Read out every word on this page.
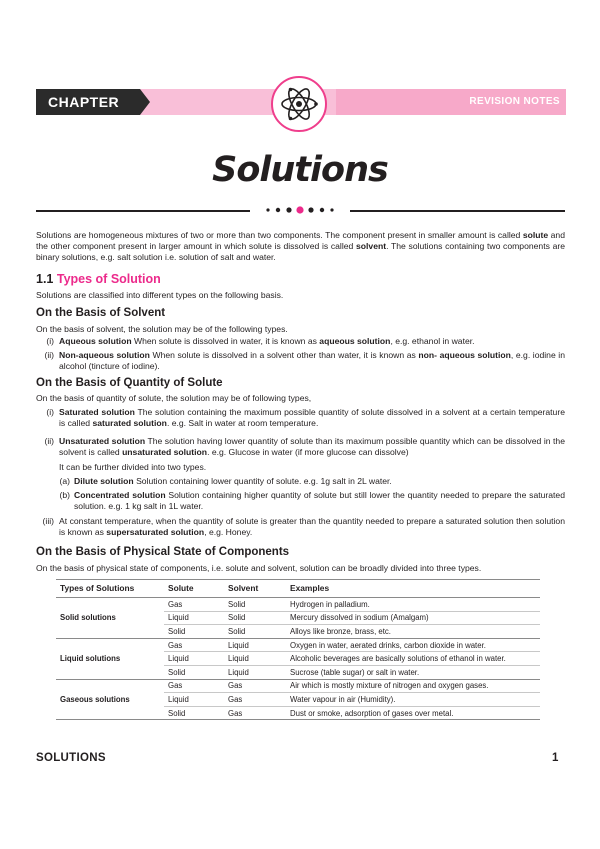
CHAPTER 01
REVISION NOTES
Solutions
Solutions are homogeneous mixtures of two or more than two components. The component present in smaller amount is called solute and the other component present in larger amount in which solute is dissolved is called solvent. The solutions containing two components are binary solutions, e.g. salt solution i.e. solution of salt and water.
1.1 Types of Solution
Solutions are classified into different types on the following basis.
On the Basis of Solvent
On the basis of solvent, the solution may be of the following types.
(i) Aqueous solution When solute is dissolved in water, it is known as aqueous solution, e.g. ethanol in water.
(ii) Non-aqueous solution When solute is dissolved in a solvent other than water, it is known as non- aqueous solution, e.g. iodine in alcohol (tincture of iodine).
On the Basis of Quantity of Solute
On the basis of quantity of solute, the solution may be of following types,
(i) Saturated solution The solution containing the maximum possible quantity of solute dissolved in a solvent at a certain temperature is called saturated solution. e.g. Salt in water at room temperature.
(ii) Unsaturated solution The solution having lower quantity of solute than its maximum possible quantity which can be dissolved in the solvent is called unsaturated solution. e.g. Glucose in water (if more glucose can dissolve)
It can be further divided into two types.
(a) Dilute solution Solution containing lower quantity of solute. e.g. 1g salt in 2L water.
(b) Concentrated solution Solution containing higher quantity of solute but still lower the quantity needed to prepare the saturated solution. e.g. 1 kg salt in 1L water.
(iii) At constant temperature, when the quantity of solute is greater than the quantity needed to prepare a saturated solution then solution is known as supersaturated solution, e.g. Honey.
On the Basis of Physical State of Components
On the basis of physical state of components, i.e. solute and solvent, solution can be broadly divided into three types.
Types of Solutions	Solute	Solvent	Examples
Solid solutions	Gas	Solid	Hydrogen in palladium.
	Liquid	Solid	Mercury dissolved in sodium (Amalgam)
	Solid	Solid	Alloys like bronze, brass, etc.
Liquid solutions	Gas	Liquid	Oxygen in water, aerated drinks, carbon dioxide in water.
	Liquid	Liquid	Alcoholic beverages are basically solutions of ethanol in water.
	Solid	Liquid	Sucrose (table sugar) or salt in water.
Gaseous solutions	Gas	Gas	Air which is mostly mixture of nitrogen and oxygen gases.
	Liquid	Gas	Water vapour in air (Humidity).
	Solid	Gas	Dust or smoke, adsorption of gases over metal.
SOLUTIONS	1
